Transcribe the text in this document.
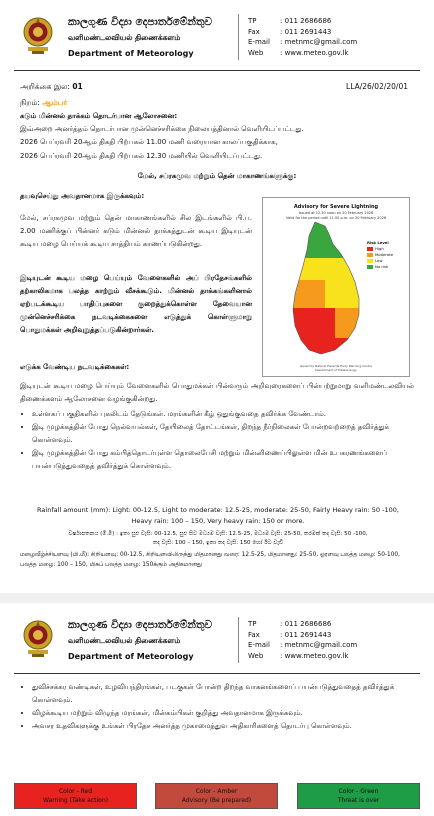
කාලගුණ විද්‍යා දෙපාර්තමේන්තුව
வளிமண்டலவியல் திணைக்களம்
Department of Meteorology
TP	: 011 2686686
Fax	: 011 2691443
E-mail : metnmc@gmail.com
Web : www.meteo.gov.lk
அறிக்கை இல: 01	LLA/26/02/20/01
நிறம்: ஆம்பர்
கடும் மின்னல் தாக்கம் தொடர்பான ஆலோசனை:
இவ்அறை அனர்த்தம் தொடர்பான முன்னெச்சரிக்கை நிலையத்தினால் வெளியிடப்பட்டது.
2026 பெப்ரவரி 20ஆம் திகதி பிற்பகல் 11.00 மணி வரையான காலப்பகுதிக்காக,
2026 பெப்ரவரி 20ஆம் திகதி பிற்பகல் 12.30 மணியில் வெளியிடப்பட்டது.
மேல், சப்ரகமுவ மற்றும் தென் மாகாணங்களுக்கு:
தயவுசெய்து அவதானமாக இருக்கவும்:
மேல், சப்ரகமுவ மற்றும் தென் மாகாணங்களில் சில இடங்களில் பி.ப. 2.00 மணிக்குப் பின்னர் கடும் மின்னல் தாக்கத்துடன் கூடிய இடியுடன் கூடிய மழை பெய்யக் கூடிய சாத்தியம் காணப்படுகின்றது.
இடியுடன் கூடிய மழை பெய்யும் வேளைகளில் அப் பிரதேசங்களில் தற்காலிகமாக பலத்த காற்றும் வீசக்கூடும். மின்னல் தாக்கங்களினால் ஏற்படக்கூடிய பாதிப்புகளை குறைத்துக்கொள்ள தேவையான முன்னெச்சரிக்கை நடவடிக்கைகளை எடுத்துக் கொள்ளுமாறு பொதுமக்கள் அறிவுறுத்தப்படுகின்றார்கள்.
Advisory for Severe Lightning
Issued at 12.30 noon on 20 February 2026
Valid for the period until 11.00 p.m. on 20 February 2026
Risk Level
High
Moderate
Low
No risk
Issued by Natural Hazards Early Warning Centre
Department of Meteorology
எடுக்க வேண்டிய நடவடிக்கைகள்:
இடியுடன் கூடிய மழை பெய்யும் வேளைகளில் பொதுமக்கள் பின்வரும் அறிவுரைகளைப் பின்பற்றுமாறு வளிமண்டலவியல் திணைக்களம் ஆலோசனை வழங்குகின்றது.
• உள்ளகப் பகுதிகளில் புகலிடம் தேடுங்கள். மரங்களின் கீழ் ஒதுங்குவதை தவிர்க்க வேண்டாம்.
• இடி முழக்கத்தின் போது நெல்வயல்கள், தேயிலைத் தோட்டங்கள், திறந்த நீர்நிலைகள் போன்றவற்றைத் தவிர்த்துக் கொள்ளவும்.
• இடி முழக்கத்தின் போது கம்பித்தொடர்புள்ள தொலைபேசி மற்றும் மின்னிணைப்பிலுள்ள மின் உபகரணங்களைப் பயன்படுத்துவதைத் தவிர்த்துக் கொள்ளவும்.
Rainfall amount (mm): Light: 00-12.5, Light to moderate: 12.5-25, moderate: 25-50, Fairly Heavy rain: 50 -100,
Heavy rain: 100 – 150, Very heavy rain: 150 or more.
වර්ෂාපතනය (මි.මී) : ඉතා සුළු වැසි: 00-12.5, සුළු සිට මධ්‍යම වැසි: 12.5-25, මධ්‍යම වැසි: 25-50, තරමක් තද වැසි: 50 -100,
තද වැසි: 100 – 150, ඉතා තද වැසි: 150 හෝ ඊට වැඩි
மழைவீழ்ச்சியளவு (மி.மீ): சிறியளவு: 00-12.5, சிறியளவிலிருந்து மிதமானது வரை: 12.5-25, மிதமானது: 25-50, ஓரளவு பலத்த மழை: 50-100, பலத்த மழை: 100 – 150, மிகப் பலத்த மழை: 150க்கும் அதிகமானது
කාලගුණ විද්‍යා දෙපාර්තමේන්තුව
வளிமண்டலவியல் திணைக்களம்
Department of Meteorology
TP	: 011 2686686
Fax	: 011 2691443
E-mail : metnmc@gmail.com
Web : www.meteo.gov.lk
• துவிச்சக்கர வண்டிகள், உழவியந்திரங்கள், படகுகள் போன்ற திறந்த வாகனங்களைப் பயன்படுத்துவதைத் தவிர்த்துக் கொள்ளவும்.
• விழக்கூடிய மற்றும் விழுந்த மரங்கள், மின்கம்பிகள் குறித்து அவதானமாக இருக்கவும்.
• அவசர உதவிகளுக்கு உங்கள் பிரதேச அனர்த்த முகாமைத்துவ அதிகாரிகளைத் தொடர்பு கொள்ளவும்.
Color - Red
Warning (Take action)
Color - Amber
Advisory (Be prepared)
Color - Green
Threat is over
